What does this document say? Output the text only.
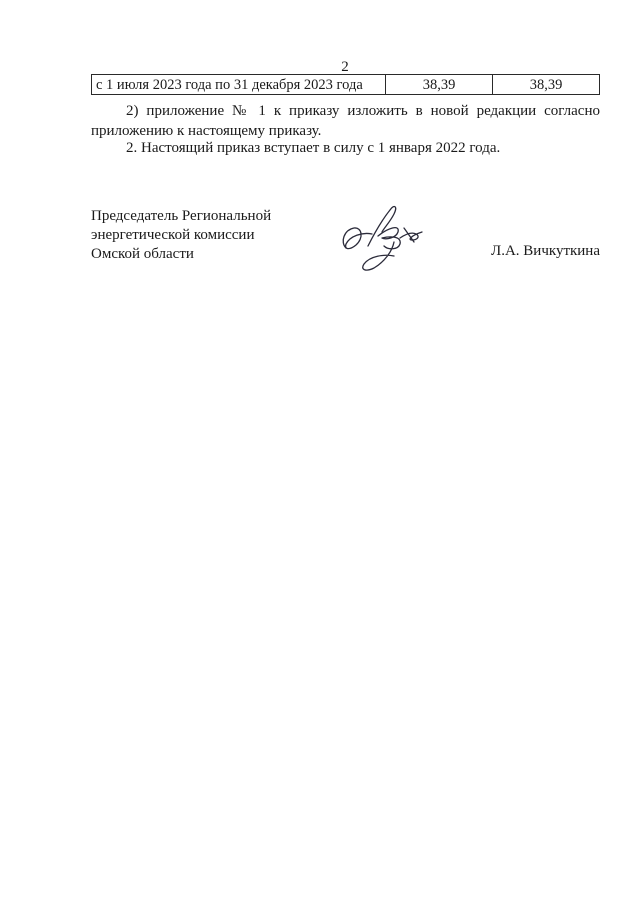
2
с 1 июля 2023 года по 31 декабря 2023 года	38,39	38,39
2) приложение № 1 к приказу изложить в новой редакции согласно приложению к настоящему приказу.
2. Настоящий приказ вступает в силу с 1 января 2022 года.
Председатель Региональной
энергетической комиссии
Омской области	Л.А. Вичкуткина
